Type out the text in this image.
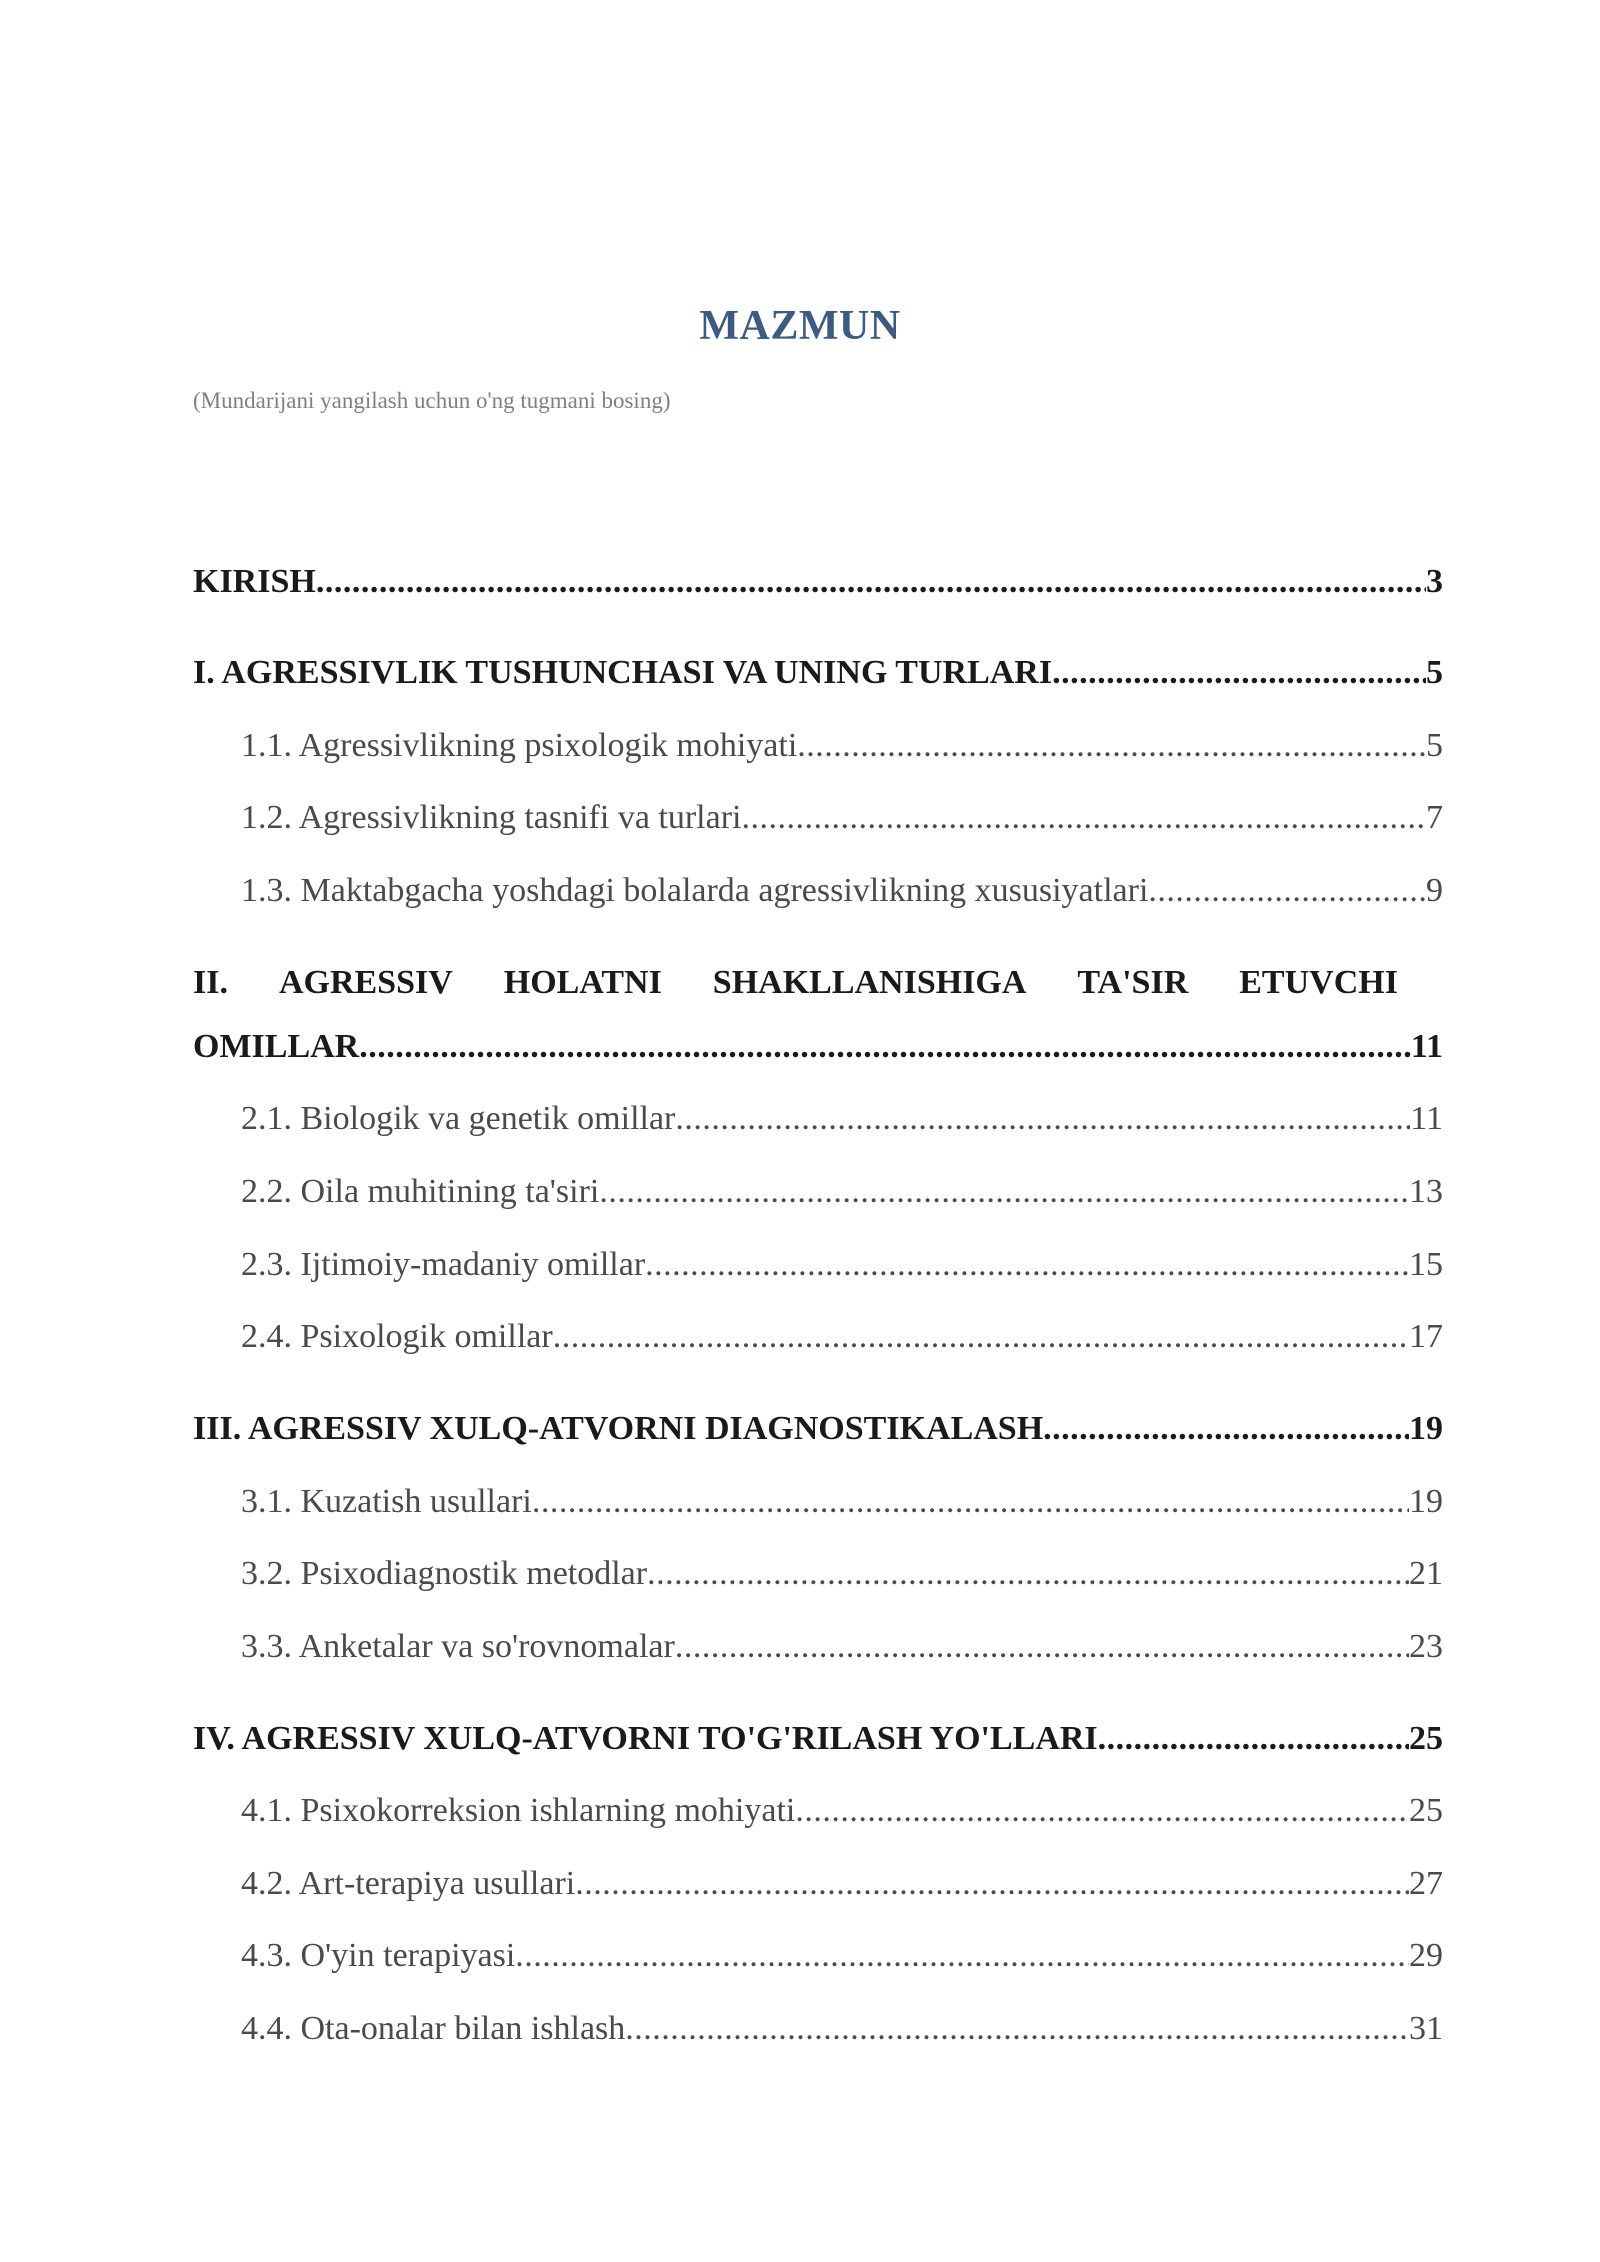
MAZMUN
(Mundarijani yangilash uchun o'ng tugmani bosing)
KIRISH .....	3
I. AGRESSIVLIK TUSHUNCHASI VA UNING TURLARI .....	5
1.1. Agressivlikning psixologik mohiyati .....	5
1.2. Agressivlikning tasnifi va turlari .....	7
1.3. Maktabgacha yoshdagi bolalarda agressivlikning xususiyatlari .....	9
II. AGRESSIV HOLATNI SHAKLLANISHIGA TA'SIR ETUVCHI
OMILLAR .....	11
2.1. Biologik va genetik omillar .....	11
2.2. Oila muhitining ta'siri .....	13
2.3. Ijtimoiy-madaniy omillar .....	15
2.4. Psixologik omillar .....	17
III. AGRESSIV XULQ-ATVORNI DIAGNOSTIKALASH .....	19
3.1. Kuzatish usullari .....	19
3.2. Psixodiagnostik metodlar .....	21
3.3. Anketalar va so'rovnomalar .....	23
IV. AGRESSIV XULQ-ATVORNI TO'G'RILASH YO'LLARI .....	25
4.1. Psixokorreksion ishlarning mohiyati .....	25
4.2. Art-terapiya usullari .....	27
4.3. O'yin terapiyasi .....	29
4.4. Ota-onalar bilan ishlash .....	31
